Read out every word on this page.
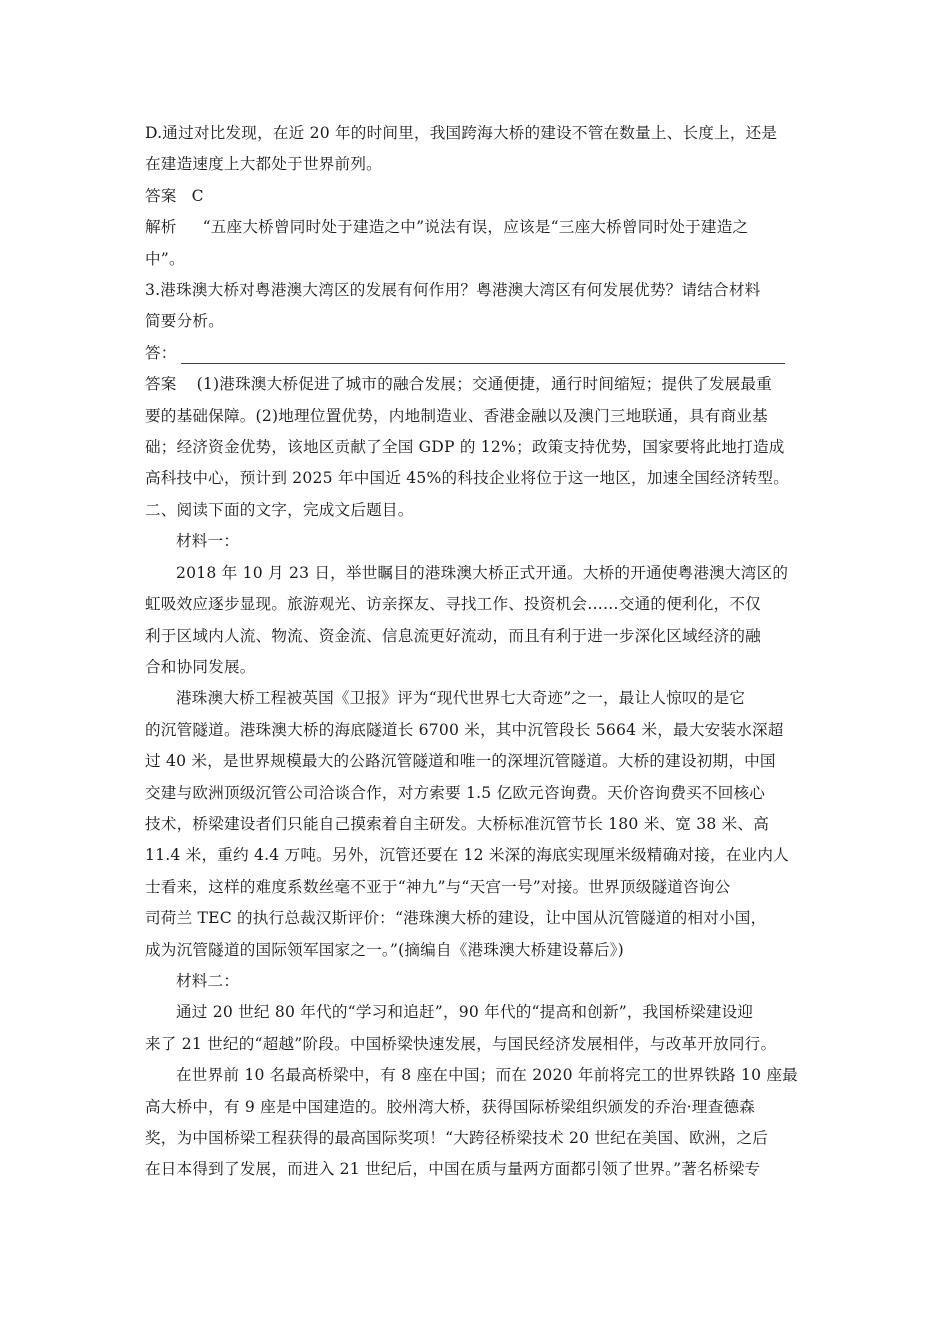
D.通过对比发现，在近 20 年的时间里，我国跨海大桥的建设不管在数量上、长度上，还是
在建造速度上大都处于世界前列。
答案 C
解析 “五座大桥曾同时处于建造之中”说法有误，应该是“三座大桥曾同时处于建造之
中”。
3.港珠澳大桥对粤港澳大湾区的发展有何作用？粤港澳大湾区有何发展优势？请结合材料
简要分析。
答：
答案 (1)港珠澳大桥促进了城市的融合发展；交通便捷，通行时间缩短；提供了发展最重
要的基础保障。(2)地理位置优势，内地制造业、香港金融以及澳门三地联通，具有商业基
础；经济资金优势，该地区贡献了全国 GDP 的 12%；政策支持优势，国家要将此地打造成
高科技中心，预计到 2025 年中国近 45%的科技企业将位于这一地区，加速全国经济转型。
二、阅读下面的文字，完成文后题目。
材料一：
2018 年 10 月 23 日，举世瞩目的港珠澳大桥正式开通。大桥的开通使粤港澳大湾区的
虹吸效应逐步显现。旅游观光、访亲探友、寻找工作、投资机会……交通的便利化，不仅
利于区域内人流、物流、资金流、信息流更好流动，而且有利于进一步深化区域经济的融
合和协同发展。
港珠澳大桥工程被英国《卫报》评为“现代世界七大奇迹”之一，最让人惊叹的是它
的沉管隧道。港珠澳大桥的海底隧道长 6700 米，其中沉管段长 5664 米，最大安装水深超
过 40 米，是世界规模最大的公路沉管隧道和唯一的深埋沉管隧道。大桥的建设初期，中国
交建与欧洲顶级沉管公司洽谈合作，对方索要 1.5 亿欧元咨询费。天价咨询费买不回核心
技术，桥梁建设者们只能自己摸索着自主研发。大桥标准沉管节长 180 米、宽 38 米、高
11.4 米，重约 4.4 万吨。另外，沉管还要在 12 米深的海底实现厘米级精确对接，在业内人
士看来，这样的难度系数丝毫不亚于“神九”与“天宫一号”对接。世界顶级隧道咨询公
司荷兰 TEC 的执行总裁汉斯评价：“港珠澳大桥的建设，让中国从沉管隧道的相对小国，
成为沉管隧道的国际领军国家之一。”(摘编自《港珠澳大桥建设幕后》)
材料二：
通过 20 世纪 80 年代的“学习和追赶”，90 年代的“提高和创新”，我国桥梁建设迎
来了 21 世纪的“超越”阶段。中国桥梁快速发展，与国民经济发展相伴，与改革开放同行。
在世界前 10 名最高桥梁中，有 8 座在中国；而在 2020 年前将完工的世界铁路 10 座最
高大桥中，有 9 座是中国建造的。胶州湾大桥，获得国际桥梁组织颁发的乔治·理查德森
奖，为中国桥梁工程获得的最高国际奖项！“大跨径桥梁技术 20 世纪在美国、欧洲，之后
在日本得到了发展，而进入 21 世纪后，中国在质与量两方面都引领了世界。”著名桥梁专
